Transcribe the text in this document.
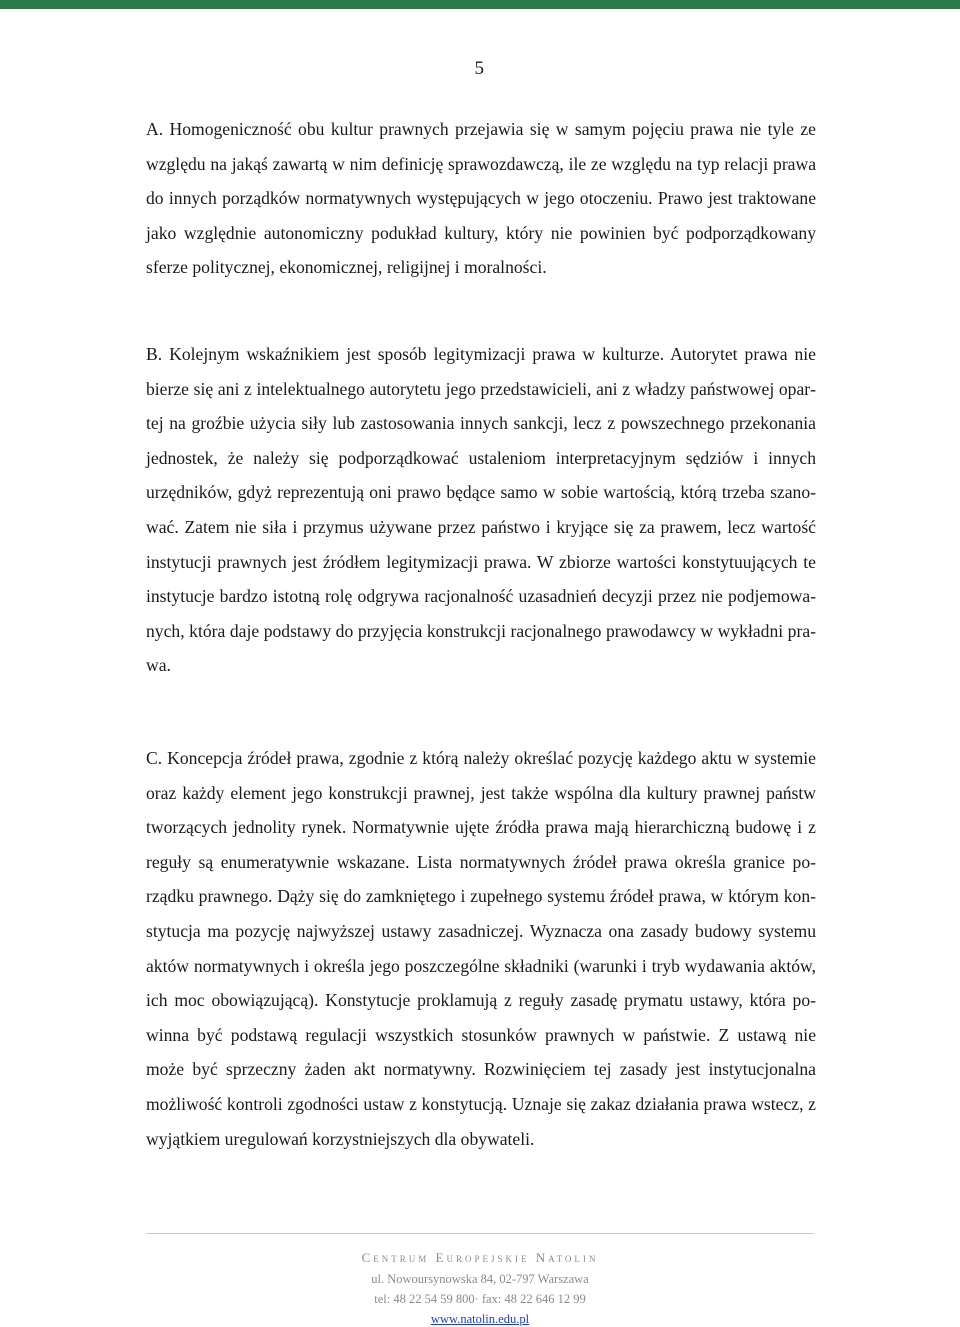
5

A. Homogeniczność obu kultur prawnych przejawia się w samym pojęciu prawa nie tyle ze względu na jakąś zawartą w nim definicję sprawozdawczą, ile ze względu na typ relacji prawa do innych porządków normatywnych występujących w jego otoczeniu. Prawo jest traktowane jako względnie autonomiczny podukład kultury, który nie powinien być podporządkowany sferze politycznej, ekonomicznej, religijnej i moralności.

B. Kolejnym wskaźnikiem jest sposób legitymizacji prawa w kulturze. Autorytet prawa nie bierze się ani z intelektualnego autorytetu jego przedstawicieli, ani z władzy państwowej opartej na groźbie użycia siły lub zastosowania innych sankcji, lecz z powszechnego przekonania jednostek, że należy się podporządkować ustaleniom interpretacyjnym sędziów i innych urzędników, gdyż reprezentują oni prawo będące samo w sobie wartością, którą trzeba szanować. Zatem nie siła i przymus używane przez państwo i kryjące się za prawem, lecz wartość instytucji prawnych jest źródłem legitymizacji prawa. W zbiorze wartości konstytuujących te instytucje bardzo istotną rolę odgrywa racjonalność uzasadnień decyzji przez nie podjemowanych, która daje podstawy do przyjęcia konstrukcji racjonalnego prawodawcy w wykładni prawa.

C. Koncepcja źródeł prawa, zgodnie z którą należy określać pozycję każdego aktu w systemie oraz każdy element jego konstrukcji prawnej, jest także wspólna dla kultury prawnej państw tworzących jednolity rynek. Normatywnie ujęte źródła prawa mają hierarchiczną budowę i z reguły są enumeratywnie wskazane. Lista normatywnych źródeł prawa określa granice porządku prawnego. Dąży się do zamkniętego i zupełnego systemu źródeł prawa, w którym konstytucja ma pozycję najwyższej ustawy zasadniczej. Wyznacza ona zasady budowy systemu aktów normatywnych i określa jego poszczególne składniki (warunki i tryb wydawania aktów, ich moc obowiązującą). Konstytucje proklamują z reguły zasadę prymatu ustawy, która powinna być podstawą regulacji wszystkich stosunków prawnych w państwie. Z ustawą nie może być sprzeczny żaden akt normatywny. Rozwinięciem tej zasady jest instytucjonalna możliwość kontroli zgodności ustaw z konstytucją. Uznaje się zakaz działania prawa wstecz, z wyjątkiem uregulowań korzystniejszych dla obywateli.

Centrum Europejskie Natolin
ul. Nowoursynowska 84, 02-797 Warszawa
tel: 48 22 54 59 800· fax: 48 22 646 12 99
www.natolin.edu.pl
